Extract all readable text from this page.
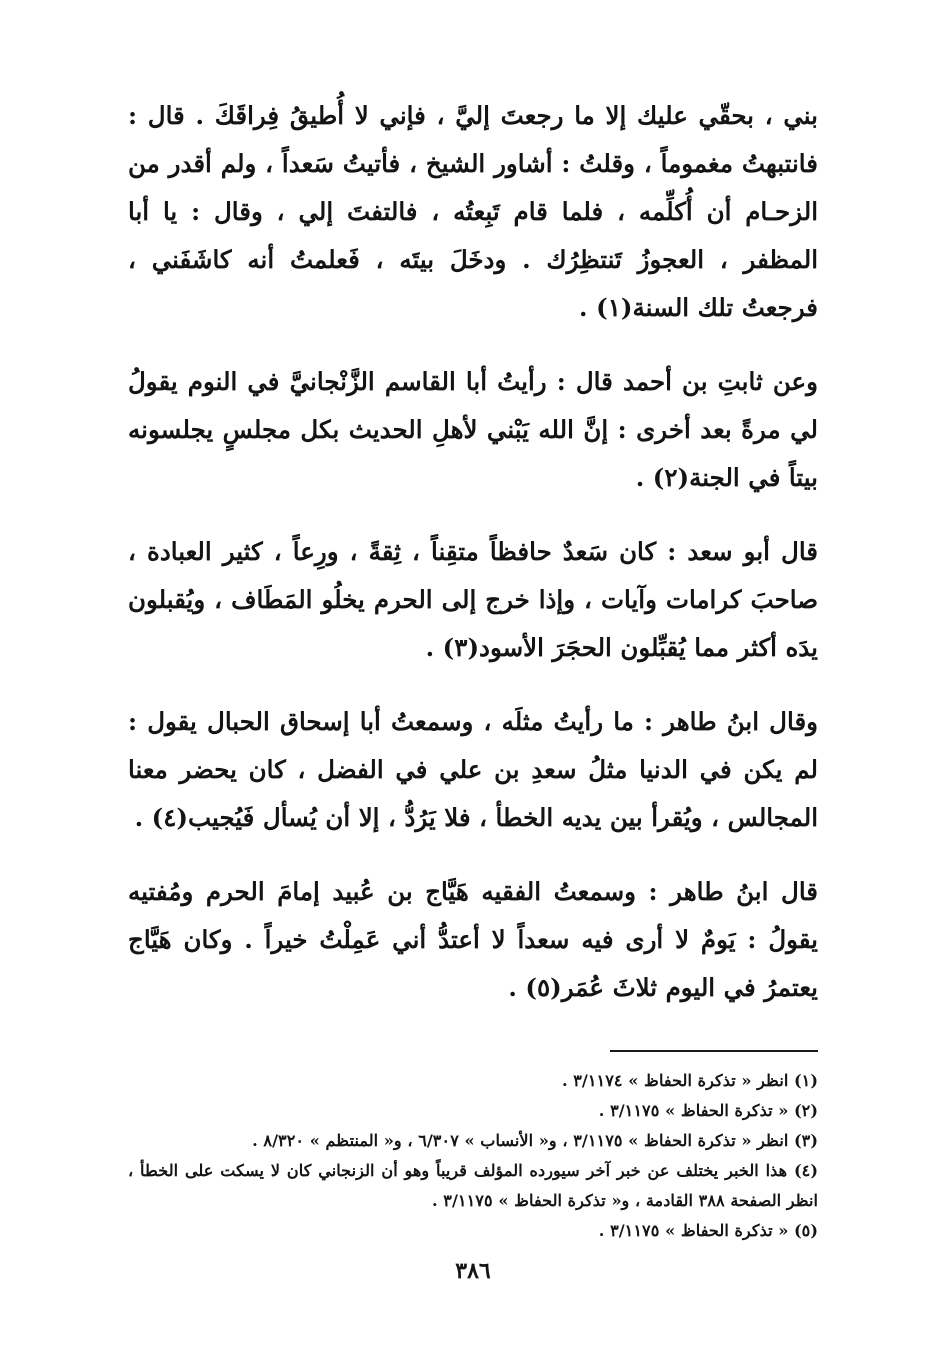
بني ، بحقّي عليك إلا ما رجعتَ إليَّ ، فإني لا أُطيقُ فِراقَكَ . قال : فانتبهتُ مغموماً ، وقلتُ : أشاور الشيخ ، فأتيتُ سَعداً ، ولم أقدر من الزحـام أن أُكلِّمه ، فلما قام تَبِعتُه ، فالتفتَ إلي ، وقال : يا أبا المظفر ، العجوزُ تَنتظِرُك . ودخَلَ بيتَه ، فَعلمتُ أنه كاشَفَني ، فرجعتُ تلك السنة(١) .

وعن ثابتِ بن أحمد قال : رأيتُ أبا القاسم الزَّنْجانيَّ في النوم يقولُ لي مرةً بعد أخرى : إنَّ الله يَبْني لأهلِ الحديث بكل مجلسٍ يجلسونه بيتاً في الجنة(٢) .

قال أبو سعد : كان سَعدٌ حافظاً متقِناً ، ثِقةً ، ورِعاً ، كثير العبادة ، صاحبَ كرامات وآيات ، وإذا خرج إلى الحرم يخلُو المَطَاف ، ويُقبلون يدَه أكثر مما يُقبِّلون الحجَرَ الأسود(٣) .

وقال ابنُ طاهر : ما رأيتُ مثلَه ، وسمعتُ أبا إسحاق الحبال يقول : لم يكن في الدنيا مثلُ سعدِ بن علي في الفضل ، كان يحضر معنا المجالس ، ويُقرأ بين يديه الخطأ ، فلا يَرُدُّ ، إلا أن يُسأل فَيُجيب(٤) .

قال ابنُ طاهر : وسمعتُ الفقيه هَيَّاج بن عُبيد إمامَ الحرم ومُفتيه يقولُ : يَومٌ لا أرى فيه سعداً لا أعتدُّ أني عَمِلْتُ خيراً . وكان هَيَّاج يعتمرُ في اليوم ثلاثَ عُمَر(٥) .

(١) انظر « تذكرة الحفاظ » ٣/١١٧٤ .

(٢) « تذكرة الحفاظ » ٣/١١٧٥ .

(٣) انظر « تذكرة الحفاظ » ٣/١١٧٥ ، و« الأنساب » ٦/٣٠٧ ، و« المنتظم » ٨/٣٢٠ .

(٤) هذا الخبر يختلف عن خبر آخر سيورده المؤلف قريباً وهو أن الزنجاني كان لا يسكت على الخطأ ، انظر الصفحة ٣٨٨ القادمة ، و« تذكرة الحفاظ » ٣/١١٧٥ .

(٥) « تذكرة الحفاظ » ٣/١١٧٥ .

٣٨٦
